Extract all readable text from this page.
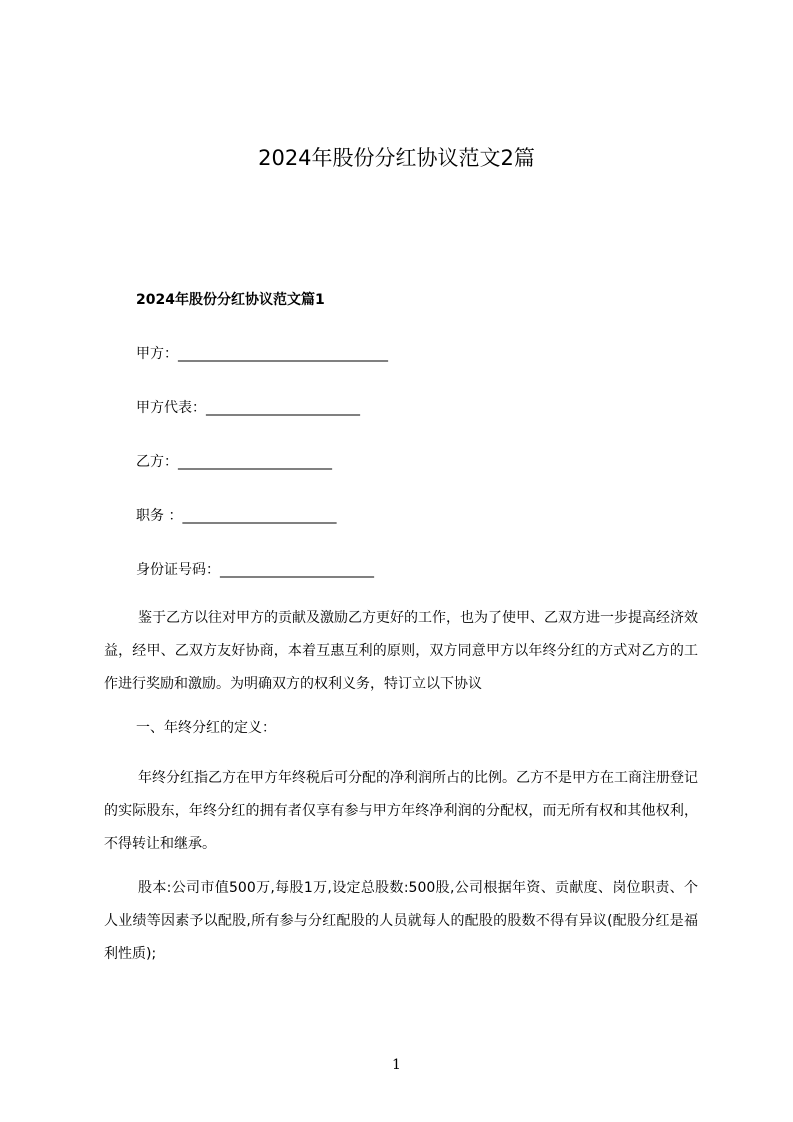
2024年股份分红协议范文2篇
2024年股份分红协议范文篇1
甲方：______________________________
甲方代表：______________________
乙方：______________________
职务 ：______________________
身份证号码：______________________

鉴于乙方以往对甲方的贡献及激励乙方更好的工作，也为了使甲、乙双方进一步提高经济效益，经甲、乙双方友好协商，本着互惠互利的原则，双方同意甲方以年终分红的方式对乙方的工作进行奖励和激励。为明确双方的权利义务，特订立以下协议

一、年终分红的定义：

年终分红指乙方在甲方年终税后可分配的净利润所占的比例。乙方不是甲方在工商注册登记的实际股东，年终分红的拥有者仅享有参与甲方年终净利润的分配权，而无所有权和其他权利，不得转让和继承。

股本:公司市值500万,每股1万,设定总股数:500股,公司根据年资、贡献度、岗位职责、个人业绩等因素予以配股,所有参与分红配股的人员就每人的配股的股数不得有异议(配股分红是福利性质);

1
